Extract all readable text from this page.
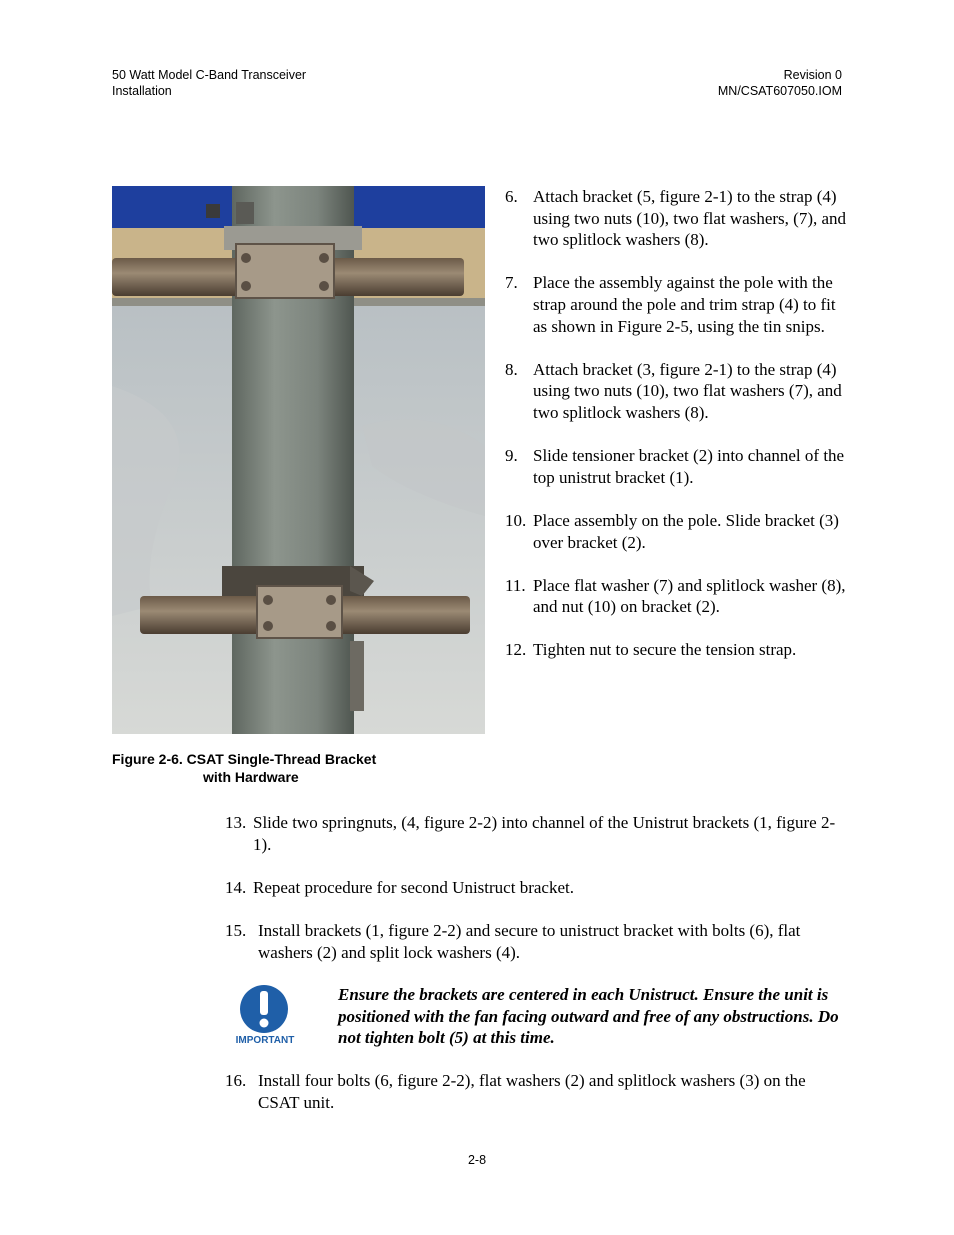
50 Watt Model C-Band Transceiver
Installation
Revision 0
MN/CSAT607050.IOM
Figure 2-6. CSAT Single-Thread Bracket
with Hardware
6. Attach bracket (5, figure 2-1) to the strap (4) using two nuts (10), two flat washers, (7), and two splitlock washers (8).
7. Place the assembly against the pole with the strap around the pole and trim strap (4) to fit as shown in Figure 2-5, using the tin snips.
8. Attach bracket (3, figure 2-1) to the strap (4) using two nuts (10), two flat washers (7), and two splitlock washers (8).
9. Slide tensioner bracket (2) into channel of the top unistrut bracket (1).
10. Place assembly on the pole. Slide bracket (3) over bracket (2).
11. Place flat washer (7) and splitlock washer (8), and nut (10) on bracket (2).
12. Tighten nut to secure the tension strap.
13. Slide two springnuts, (4, figure 2-2) into channel of the Unistrut brackets (1, figure 2-1).
14. Repeat procedure for second Unistruct bracket.
15. Install brackets (1, figure 2-2) and secure to unistruct bracket with bolts (6), flat washers (2) and split lock washers (4).
IMPORTANT
Ensure the brackets are centered in each Unistruct. Ensure the unit is positioned with the fan facing outward and free of any obstructions. Do not tighten bolt (5) at this time.
16. Install four bolts (6, figure 2-2), flat washers (2) and splitlock washers (3) on the CSAT unit.
2-8
